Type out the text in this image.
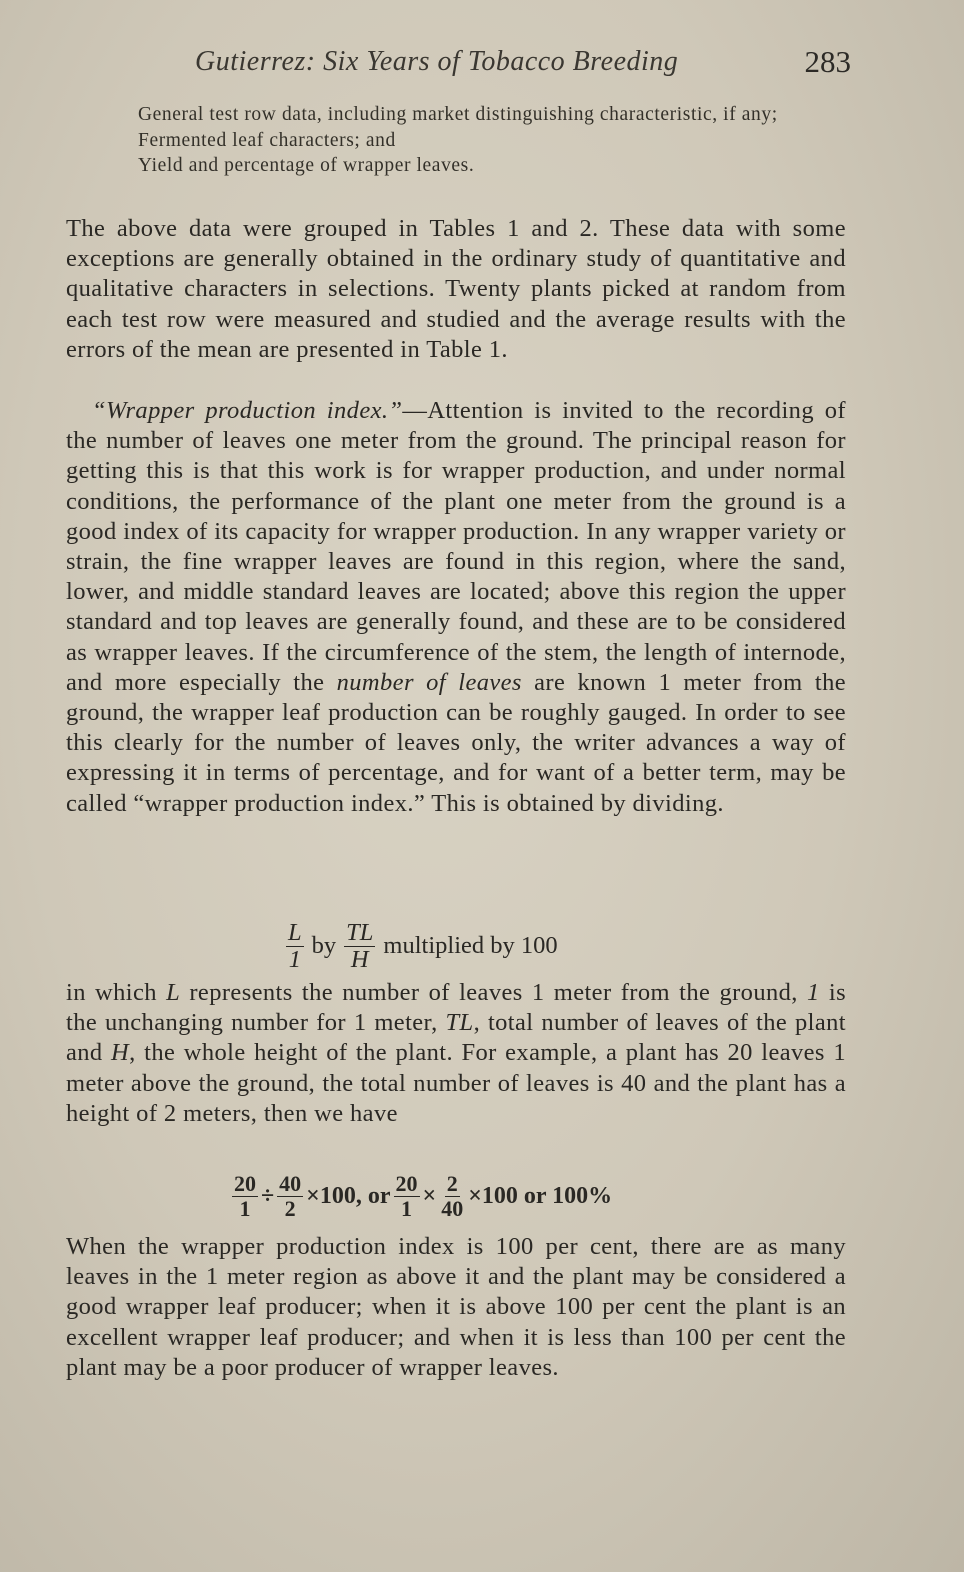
Gutierrez: Six Years of Tobacco Breeding	283
General test row data, including market distinguishing characteristic, if any;
Fermented leaf characters; and
Yield and percentage of wrapper leaves.

The above data were grouped in Tables 1 and 2. These data with some exceptions are generally obtained in the ordinary study of quantitative and qualitative characters in selections. Twenty plants picked at random from each test row were measured and studied and the average results with the errors of the mean are presented in Table 1.

“Wrapper production index.”—Attention is invited to the recording of the number of leaves one meter from the ground. The principal reason for getting this is that this work is for wrapper production, and under normal conditions, the performance of the plant one meter from the ground is a good index of its capacity for wrapper production. In any wrapper variety or strain, the fine wrapper leaves are found in this region, where the sand, lower, and middle standard leaves are located; above this region the upper standard and top leaves are generally found, and these are to be considered as wrapper leaves. If the circumference of the stem, the length of internode, and more especially the number of leaves are known 1 meter from the ground, the wrapper leaf production can be roughly gauged. In order to see this clearly for the number of leaves only, the writer advances a way of expressing it in terms of percentage, and for want of a better term, may be called “wrapper production index.” This is obtained by dividing.

$\frac{L}{1}$ by $\frac{TL}{H}$ multiplied by 100

in which L represents the number of leaves 1 meter from the ground, 1 is the unchanging number for 1 meter, TL, total number of leaves of the plant and H, the whole height of the plant. For example, a plant has 20 leaves 1 meter above the ground, the total number of leaves is 40 and the plant has a height of 2 meters, then we have

$\frac{20}{1} \div \frac{40}{2} \times 100$, or $\frac{20}{1} \times \frac{2}{40} \times 100$ or 100%

When the wrapper production index is 100 per cent, there are as many leaves in the 1 meter region as above it and the plant may be considered a good wrapper leaf producer; when it is above 100 per cent the plant is an excellent wrapper leaf producer; and when it is less than 100 per cent the plant may be a poor producer of wrapper leaves.
